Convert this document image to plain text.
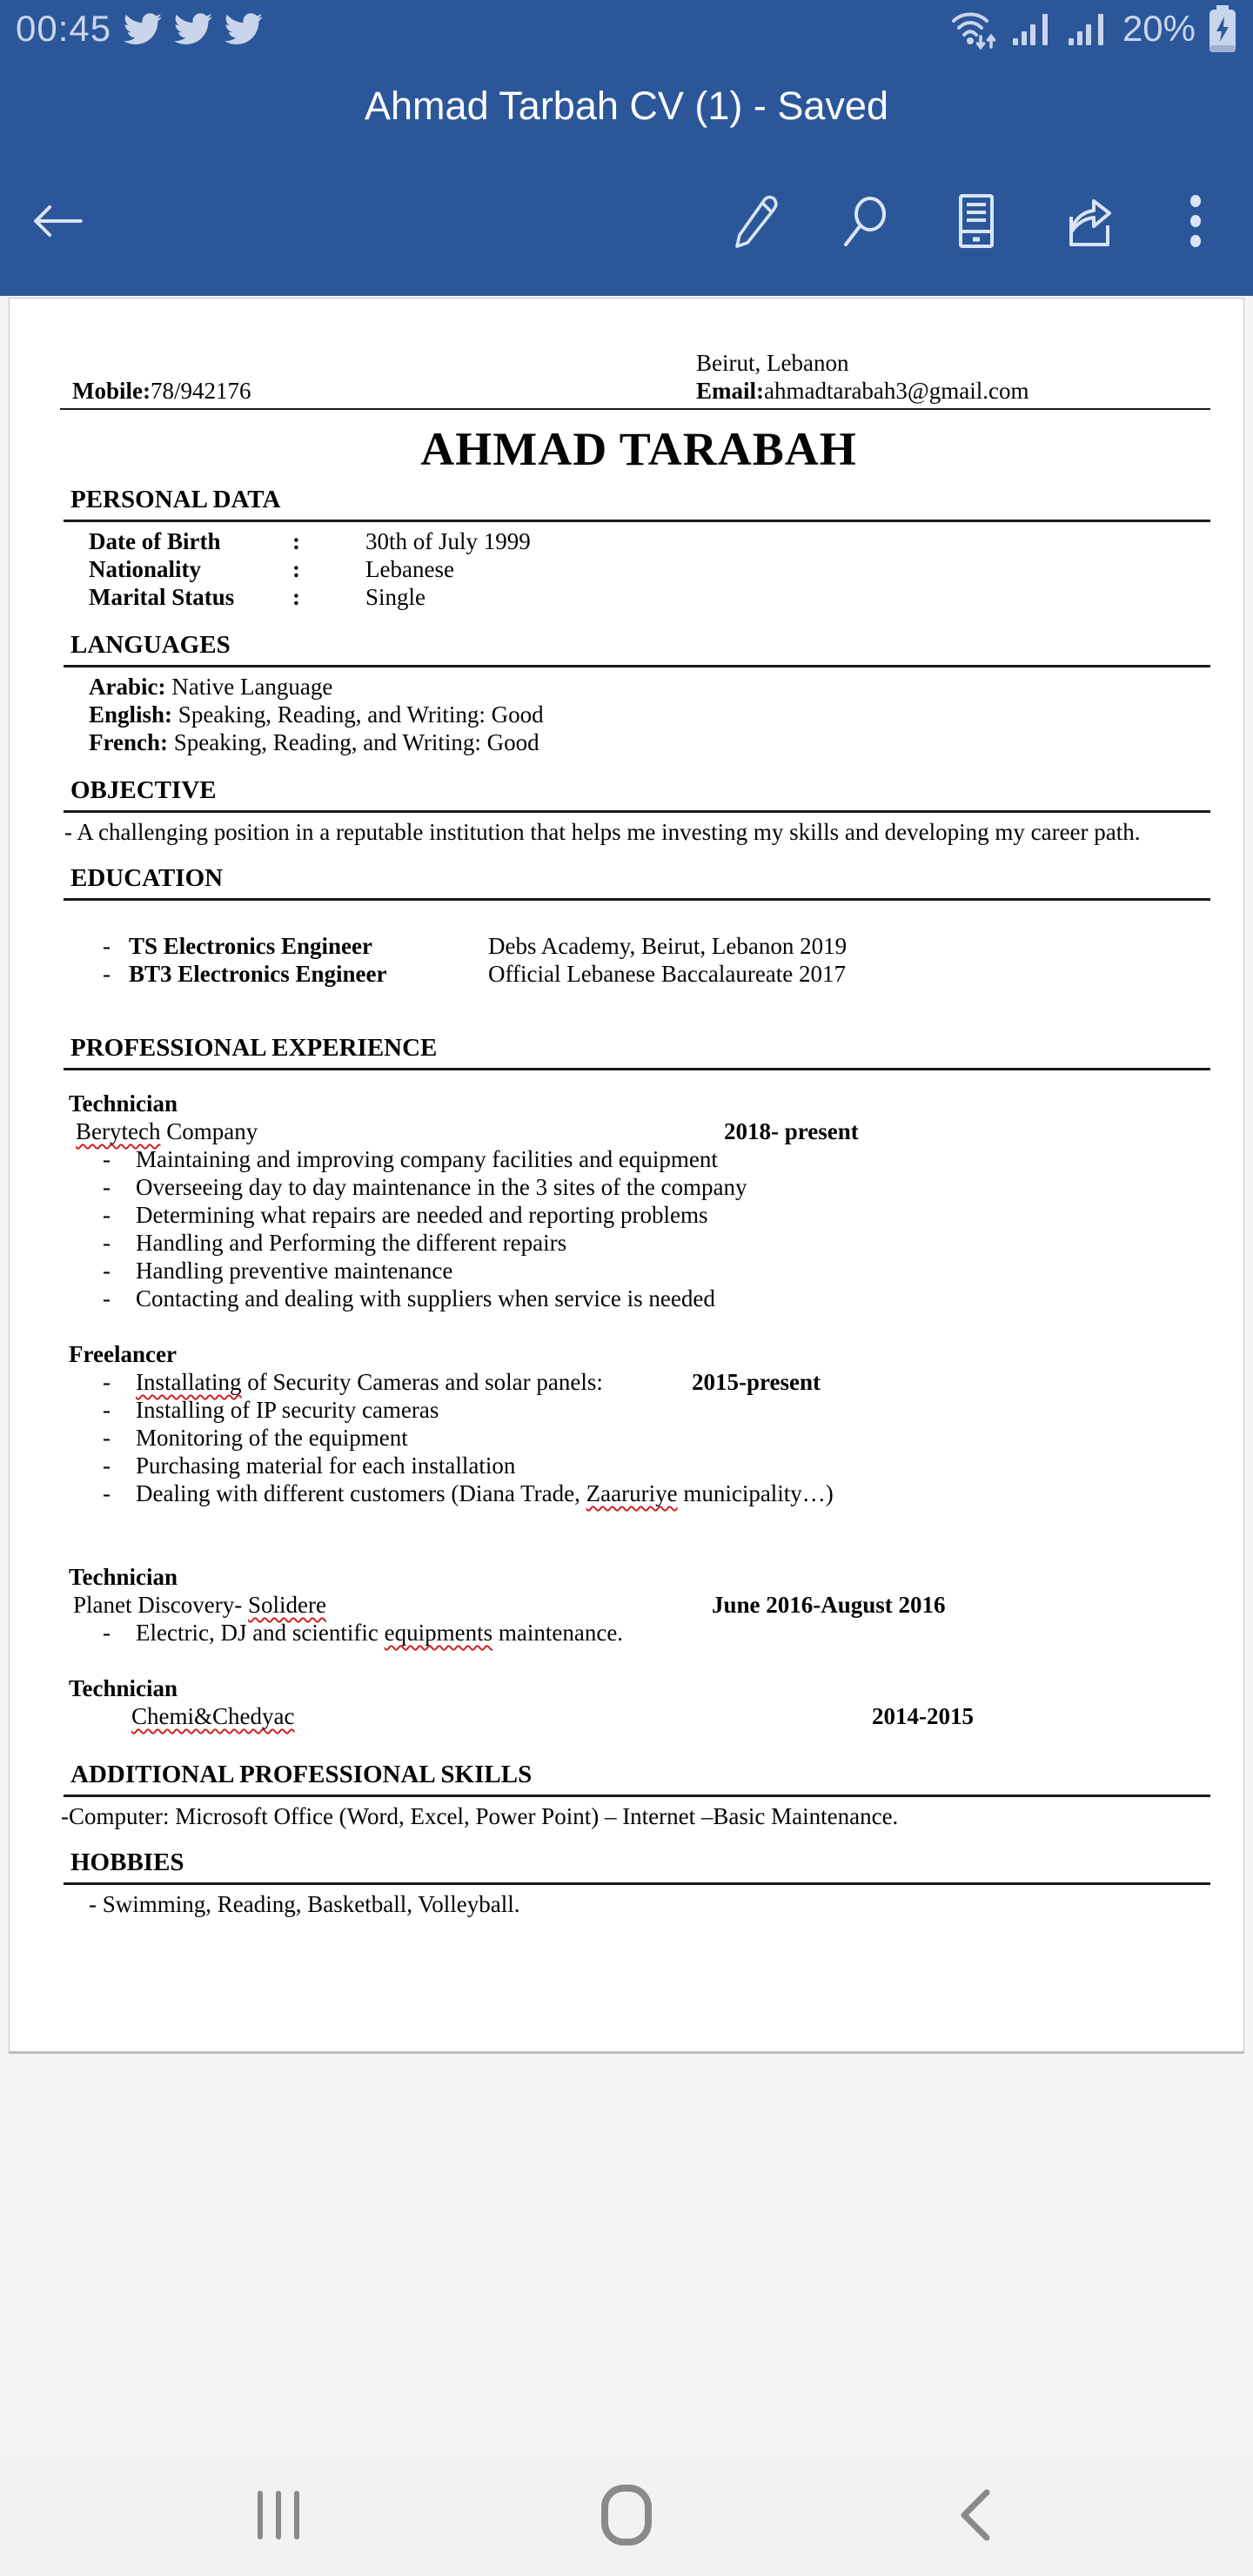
00:45	20%
Ahmad Tarbah CV (1) - Saved
Beirut, Lebanon
Mobile:78/942176	Email:ahmadtarabah3@gmail.com
AHMAD TARABAH
PERSONAL DATA
Date of Birth	:	30th of July 1999
Nationality	:	Lebanese
Marital Status	:	Single
LANGUAGES
Arabic: Native Language
English: Speaking, Reading, and Writing: Good
French: Speaking, Reading, and Writing: Good
OBJECTIVE
- A challenging position in a reputable institution that helps me investing my skills and developing my career path.
EDUCATION
- TS Electronics Engineer	Debs Academy, Beirut, Lebanon 2019
- BT3 Electronics Engineer	Official Lebanese Baccalaureate 2017
PROFESSIONAL EXPERIENCE
Technician
Berytech Company	2018- present
-	Maintaining and improving company facilities and equipment
-	Overseeing day to day maintenance in the 3 sites of the company
-	Determining what repairs are needed and reporting problems
-	Handling and Performing the different repairs
-	Handling preventive maintenance
-	Contacting and dealing with suppliers when service is needed
Freelancer
-	Installating of Security Cameras and solar panels:	2015-present
-	Installing of IP security cameras
-	Monitoring of the equipment
-	Purchasing material for each installation
-	Dealing with different customers (Diana Trade, Zaaruriye municipality…)
Technician
Planet Discovery- Solidere	June 2016-August 2016
-	Electric, DJ and scientific equipments maintenance.
Technician
Chemi&Chedyac	2014-2015
ADDITIONAL PROFESSIONAL SKILLS
-Computer: Microsoft Office (Word, Excel, Power Point) – Internet –Basic Maintenance.
HOBBIES
- Swimming, Reading, Basketball, Volleyball.
